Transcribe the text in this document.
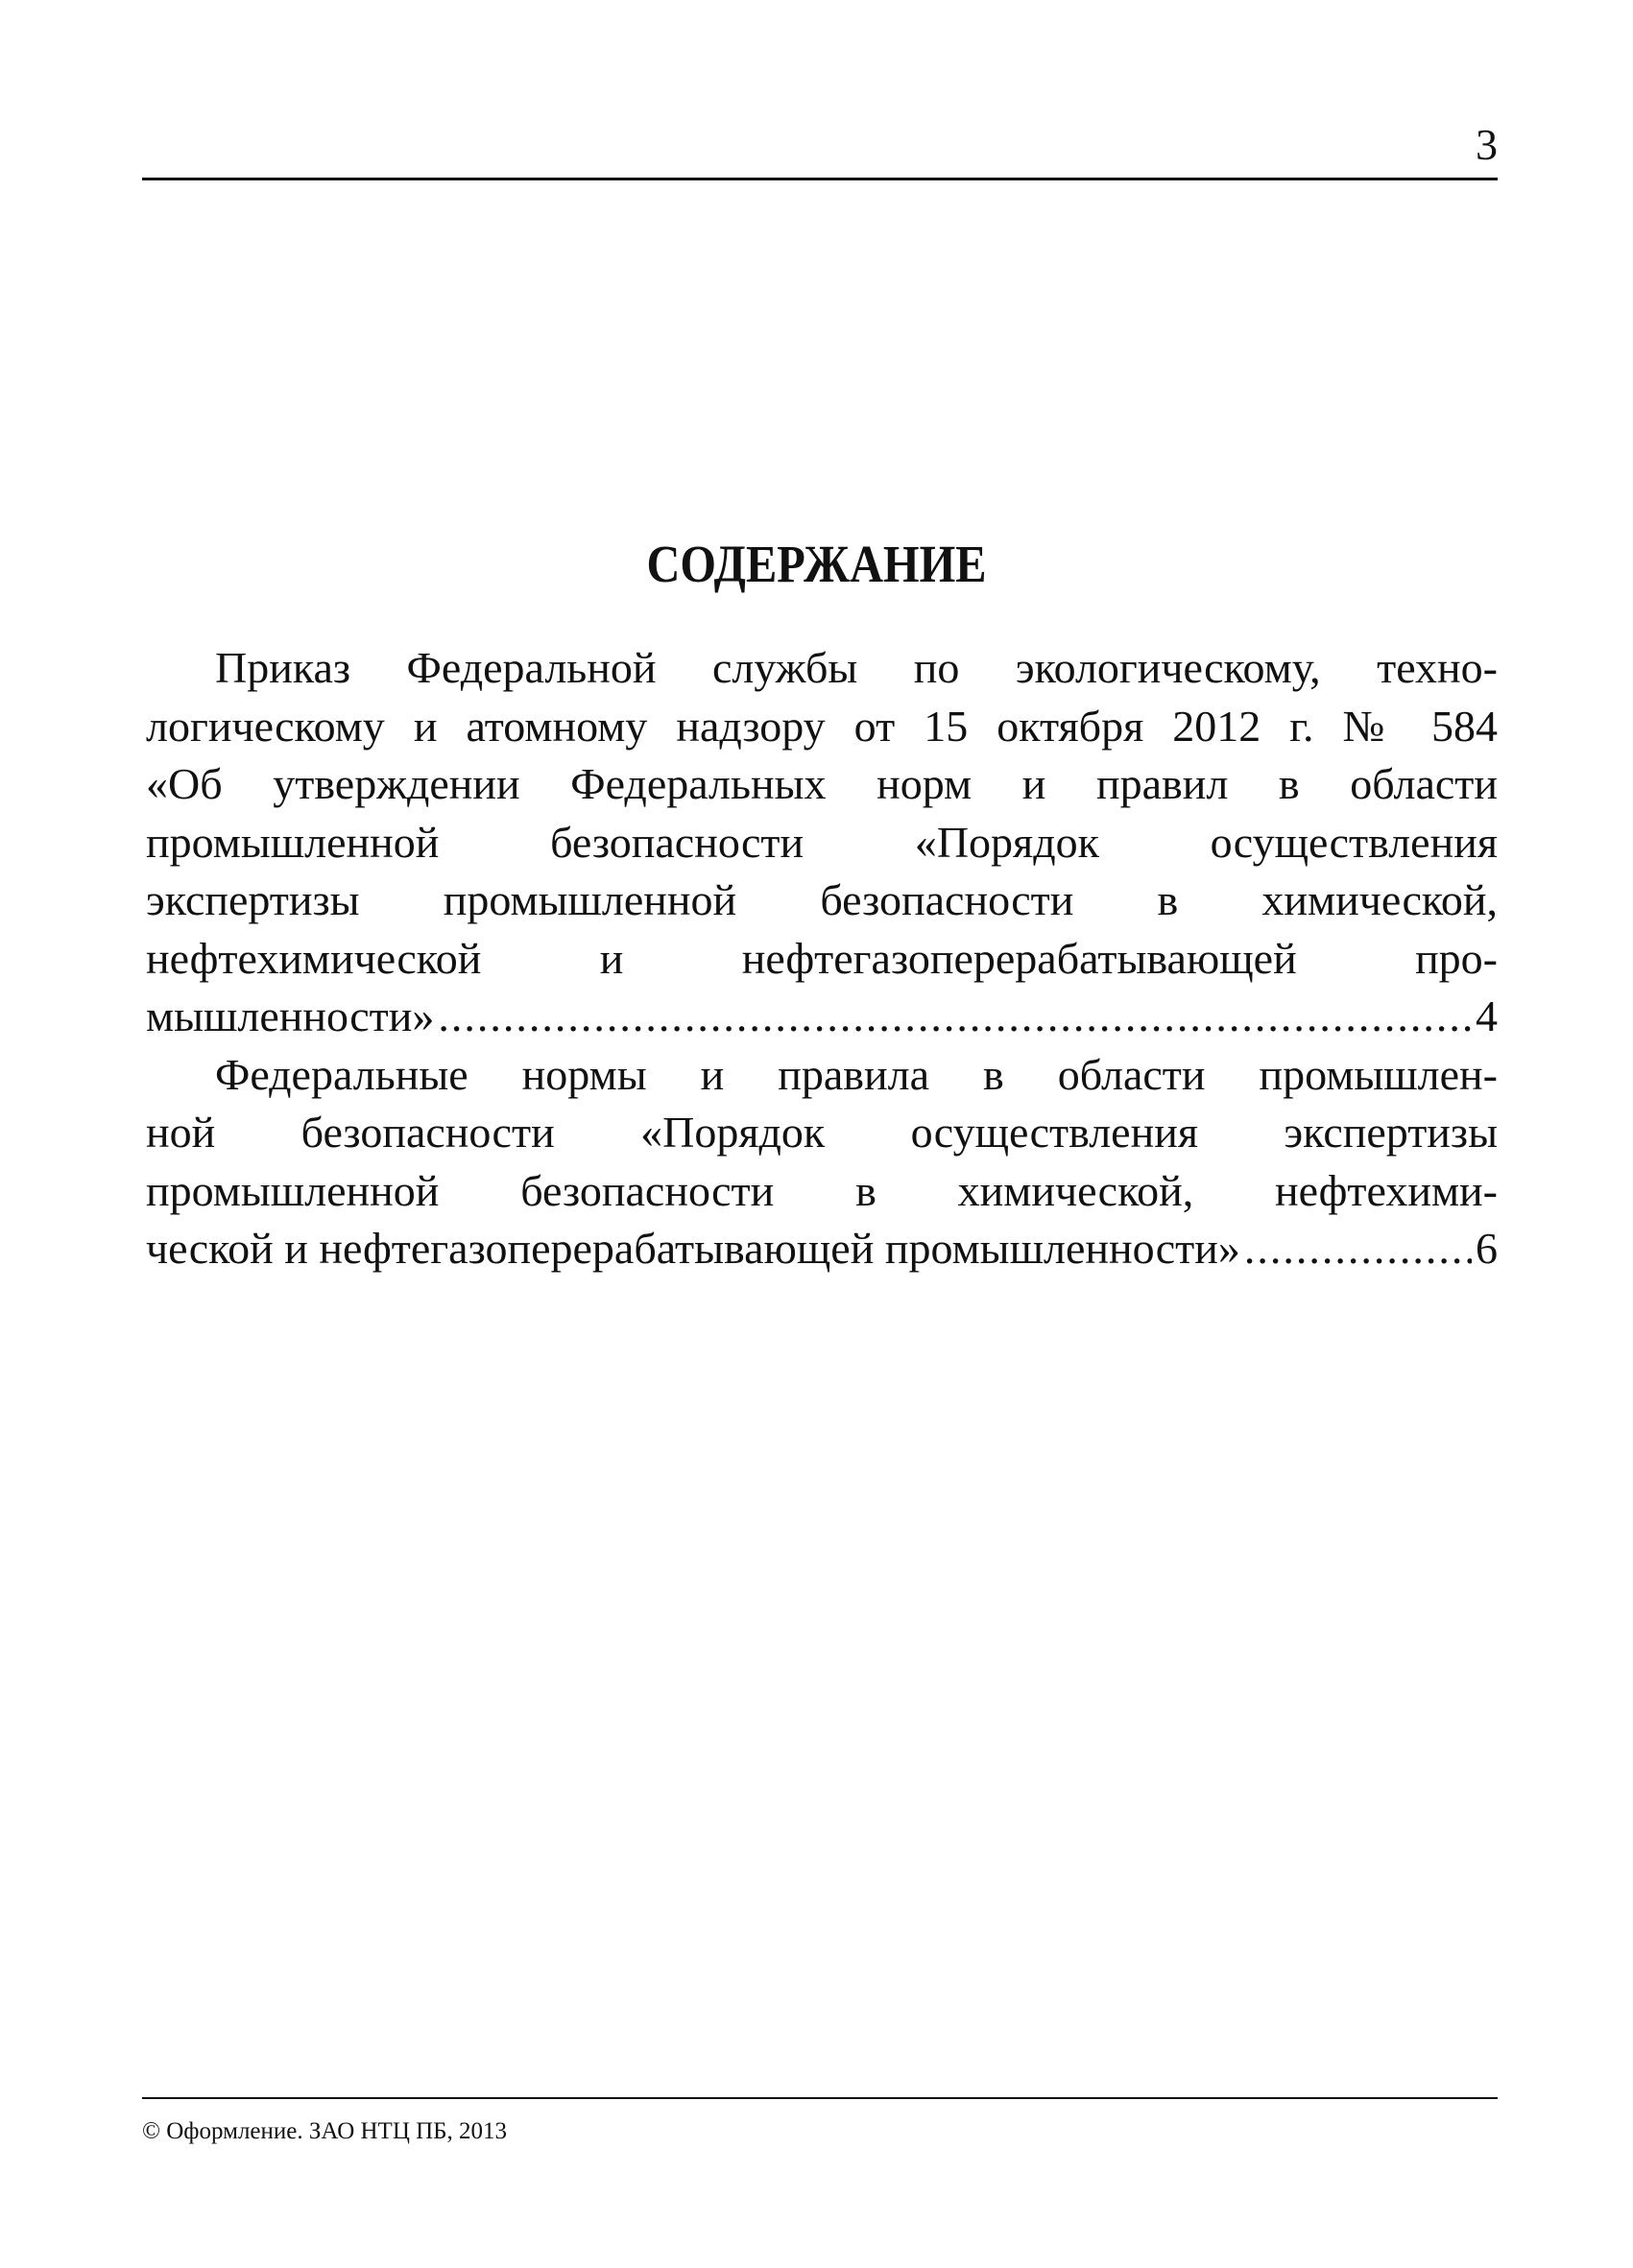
3
СОДЕРЖАНИЕ
Приказ Федеральной службы по экологическому, техно-
логическому и атомному надзору от 15 октября 2012 г. № 584
«Об утверждении Федеральных норм и правил в области
промышленной безопасности «Порядок осуществления
экспертизы промышленной безопасности в химической,
нефтехимической и нефтегазоперерабатывающей про-
мышленности» .....	4
Федеральные нормы и правила в области промышлен-
ной безопасности «Порядок осуществления экспертизы
промышленной безопасности в химической, нефтехими-
ческой и нефтегазоперерабатывающей промышленности» .....	6
© Оформление. ЗАО НТЦ ПБ, 2013
